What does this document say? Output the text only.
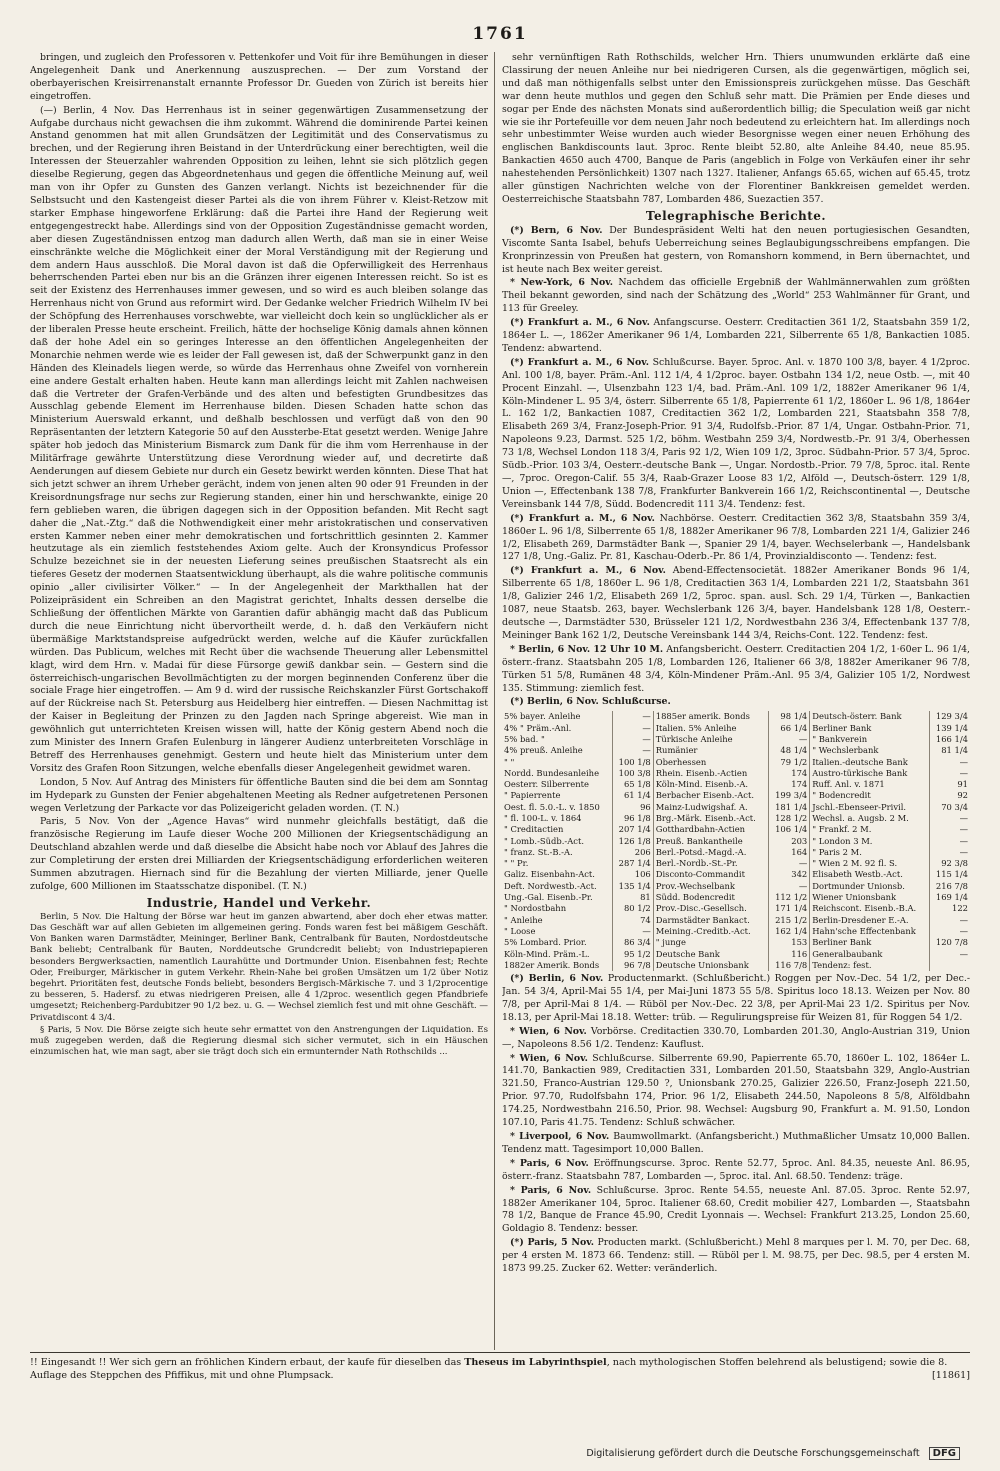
1761

bringen, und zugleich den Professoren v. Pettenkofer und Voit für ihre Bemühungen in dieser Angelegenheit Dank und Anerkennung auszusprechen. — Der zum Vorstand der oberbayerischen Kreisirrenanstalt ernannte Professor Dr. Gueden von Zürich ist bereits hier eingetroffen.

(—) Berlin, 4 Nov. Das Herrenhaus ist in seiner gegenwärtigen Zusammensetzung der Aufgabe durchaus nicht gewachsen die ihm zukommt. Während die dominirende Partei keinen Anstand genommen hat mit allen Grundsätzen der Legitimität und des Conservatismus zu brechen, und der Regierung ihren Beistand in der Unterdrückung einer berechtigten, weil die Interessen der Steuerzahler wahrenden Opposition zu leihen, lehnt sie sich plötzlich gegen dieselbe Regierung, gegen das Abgeordnetenhaus und gegen die öffentliche Meinung auf, weil man von ihr Opfer zu Gunsten des Ganzen verlangt. Nichts ist bezeichnender für die Selbstsucht und den Kastengeist dieser Partei als die von ihrem Führer v. Kleist-Retzow mit starker Emphase hingeworfene Erklärung: daß die Partei ihre Hand der Regierung weit entgegengestreckt habe. Allerdings sind von der Opposition Zugeständnisse gemacht worden, aber diesen Zugeständnissen entzog man dadurch allen Werth, daß man sie in einer Weise einschränkte welche die Möglichkeit einer der Moral Verständigung mit der Regierung und dem andern Haus ausschloß. Die Moral davon ist daß die Opferwilligkeit des Herrenhaus beherrschenden Partei eben nur bis an die Gränzen ihrer eigenen Interessen reicht. So ist es seit der Existenz des Herrenhauses immer gewesen, und so wird es auch bleiben solange das Herrenhaus nicht von Grund aus reformirt wird. Der Gedanke welcher Friedrich Wilhelm IV bei der Schöpfung des Herrenhauses vorschwebte, war vielleicht doch kein so unglücklicher als er der liberalen Presse heute erscheint. Freilich, hätte der hochselige König damals ahnen können daß der hohe Adel ein so geringes Interesse an den öffentlichen Angelegenheiten der Monarchie nehmen werde wie es leider der Fall gewesen ist, daß der Schwerpunkt ganz in den Händen des Kleinadels liegen werde, so würde das Herrenhaus ohne Zweifel von vornherein eine andere Gestalt erhalten haben. Heute kann man allerdings leicht mit Zahlen nachweisen daß die Vertreter der Grafen-Verbände und des alten und befestigten Grundbesitzes das Ausschlag gebende Element im Herrenhause bilden. Diesen Schaden hatte schon das Ministerium Auerswald erkannt, und deßhalb beschlossen und verfügt daß von den 90 Repräsentanten der letztern Kategorie 50 auf den Aussterbe-Etat gesetzt werden. Wenige Jahre später hob jedoch das Ministerium Bismarck zum Dank für die ihm vom Herrenhause in der Militärfrage gewährte Unterstützung diese Verordnung wieder auf, und decretirte daß Aenderungen auf diesem Gebiete nur durch ein Gesetz bewirkt werden könnten. Diese That hat sich jetzt schwer an ihrem Urheber gerächt, indem von jenen alten 90 oder 91 Freunden in der Kreisordnungsfrage nur sechs zur Regierung standen, einer hin und herschwankte, einige 20 fern geblieben waren, die übrigen dagegen sich in der Opposition befanden. Mit Recht sagt daher die „Nat.-Ztg.“ daß die Nothwendigkeit einer mehr aristokratischen und conservativen ersten Kammer neben einer mehr demokratischen und fortschrittlich gesinnten 2. Kammer heutzutage als ein ziemlich feststehendes Axiom gelte. Auch der Kronsyndicus Professor Schulze bezeichnet sie in der neuesten Lieferung seines preußischen Staatsrecht als ein tieferes Gesetz der modernen Staatsentwicklung überhaupt, als die wahre politische communis opinio „aller civilisirter Völker.“ — In der Angelegenheit der Markthallen hat der Polizeipräsident ein Schreiben an den Magistrat gerichtet, Inhalts dessen derselbe die Schließung der öffentlichen Märkte von Garantien dafür abhängig macht daß das Publicum durch die neue Einrichtung nicht übervortheilt werde, d. h. daß den Verkäufern nicht übermäßige Marktstandspreise aufgedrückt werden, welche auf die Käufer zurückfallen würden. Das Publicum, welches mit Recht über die wachsende Theuerung aller Lebensmittel klagt, wird dem Hrn. v. Madai für diese Fürsorge gewiß dankbar sein. — Gestern sind die österreichisch-ungarischen Bevollmächtigten zu der morgen beginnenden Conferenz über die sociale Frage hier eingetroffen. — Am 9 d. wird der russische Reichskanzler Fürst Gortschakoff auf der Rückreise nach St. Petersburg aus Heidelberg hier eintreffen. — Diesen Nachmittag ist der Kaiser in Begleitung der Prinzen zu den Jagden nach Springe abgereist. Wie man in gewöhnlich gut unterrichteten Kreisen wissen will, hatte der König gestern Abend noch die zum Minister des Innern Grafen Eulenburg in längerer Audienz unterbreiteten Vorschläge in Betreff des Herrenhauses genehmigt. Gestern und heute hielt das Ministerium unter dem Vorsitz des Grafen Roon Sitzungen, welche ebenfalls dieser Angelegenheit gewidmet waren.

London, 5 Nov. Auf Antrag des Ministers für öffentliche Bauten sind die bei dem am Sonntag im Hydepark zu Gunsten der Fenier abgehaltenen Meeting als Redner aufgetretenen Personen wegen Verletzung der Parkacte vor das Polizeigericht geladen worden. (T. N.)

Paris, 5 Nov. Von der „Agence Havas“ wird nunmehr gleichfalls bestätigt, daß die französische Regierung im Laufe dieser Woche 200 Millionen der Kriegsentschädigung an Deutschland abzahlen werde und daß dieselbe die Absicht habe noch vor Ablauf des Jahres die zur Completirung der ersten drei Milliarden der Kriegsentschädigung erforderlichen weiteren Summen abzutragen. Hiernach sind für die Bezahlung der vierten Milliarde, jener Quelle zufolge, 600 Millionen im Staatsschatze disponibel. (T. N.)

Industrie, Handel und Verkehr.

Berlin, 5 Nov. Die Haltung der Börse war heut im ganzen abwartend, aber doch eher etwas matter. Das Geschäft war auf allen Gebieten im allgemeinen gering. Fonds waren fest bei mäßigem Geschäft. Von Banken waren Darmstädter, Meininger, Berliner Bank, Centralbank für Bauten, Nordostdeutsche Bank beliebt; Centralbank für Bauten, Norddeutsche Grundcredit beliebt; von Industriepapieren besonders Bergwerksactien, namentlich Laurahütte und Dortmunder Union. Eisenbahnen fest; Rechte Oder, Freiburger, Märkischer in gutem Verkehr. Rhein-Nahe bei großen Umsätzen um 1/2 über Notiz begehrt. Prioritäten fest, deutsche Fonds beliebt, besonders Bergisch-Märkische 7. und 3 1/2procentige zu besseren, 5. Hadersf. zu etwas niedrigeren Preisen, alle 4 1/2proc. wesentlich gegen Pfandbriefe umgesetzt; Reichenberg-Pardubitzer 90 1/2 bez. u. G. — Wechsel ziemlich fest und mit ohne Geschäft. — Privatdiscont 4 3/4.

§ Paris, 5 Nov. Die Börse zeigte sich heute sehr ermattet von den Anstrengungen der Liquidation. Es muß zugegeben werden, daß die Regierung diesmal sich sicher vermutet, sich in ein Häuschen einzumischen hat, wie man sagt, aber sie trägt doch sich ein ermunternder Nath Rothschilds ...

sehr vernünftigen Rath Rothschilds, welcher Hrn. Thiers unumwunden erklärte daß eine Classirung der neuen Anleihe nur bei niedrigeren Cursen, als die gegenwärtigen, möglich sei, und daß man nöthigenfalls selbst unter den Emissionspreis zurückgehen müsse. Das Geschäft war denn heute muthlos und gegen den Schluß sehr matt. Die Prämien per Ende dieses und sogar per Ende des nächsten Monats sind außerordentlich billig; die Speculation weiß gar nicht wie sie ihr Portefeuille vor dem neuen Jahr noch bedeutend zu erleichtern hat. Im allerdings noch sehr unbestimmter Weise wurden auch wieder Besorgnisse wegen einer neuen Erhöhung des englischen Bankdiscounts laut. 3proc. Rente bleibt 52.80, alte Anleihe 84.40, neue 85.95. Bankactien 4650 auch 4700, Banque de Paris (angeblich in Folge von Verkäufen einer ihr sehr nahestehenden Persönlichkeit) 1307 nach 1327. Italiener, Anfangs 65.65, wichen auf 65.45, trotz aller günstigen Nachrichten welche von der Florentiner Bankkreisen gemeldet werden. Oesterreichische Staatsbahn 787, Lombarden 486, Suezactien 357.

Telegraphische Berichte.

(*) Bern, 6 Nov. Der Bundespräsident Welti hat den neuen portugiesischen Gesandten, Viscomte Santa Isabel, behufs Ueberreichung seines Beglaubigungsschreibens empfangen. Die Kronprinzessin von Preußen hat gestern, von Romanshorn kommend, in Bern übernachtet, und ist heute nach Bex weiter gereist.

* New-York, 6 Nov. Nachdem das officielle Ergebniß der Wahlmännerwahlen zum größten Theil bekannt geworden, sind nach der Schätzung des „World“ 253 Wahlmänner für Grant, und 113 für Greeley.

(*) Frankfurt a. M., 6 Nov. Anfangscurse. Oesterr. Creditactien 361 1/2, Staatsbahn 359 1/2, 1864er L. —, 1862er Amerikaner 96 1/4, Lombarden 221, Silberrente 65 1/8, Bankactien 1085. Tendenz: abwartend.

(*) Frankfurt a. M., 6 Nov. Schlußcurse. Bayer. 5proc. Anl. v. 1870 100 3/8, bayer. 4 1/2proc. Anl. 100 1/8, bayer. Präm.-Anl. 112 1/4, 4 1/2proc. bayer. Ostbahn 134 1/2, neue Ostb. —, mit 40 Procent Einzahl. —, Ulsenzbahn 123 1/4, bad. Präm.-Anl. 109 1/2, 1882er Amerikaner 96 1/4, Köln-Mindener L. 95 3/4, österr. Silberrente 65 1/8, Papierrente 61 1/2, 1860er L. 96 1/8, 1864er L. 162 1/2, Bankactien 1087, Creditactien 362 1/2, Lombarden 221, Staatsbahn 358 7/8, Elisabeth 269 3/4, Franz-Joseph-Prior. 91 3/4, Rudolfsb.-Prior. 87 1/4, Ungar. Ostbahn-Prior. 71, Napoleons 9.23, Darmst. 525 1/2, böhm. Westbahn 259 3/4, Nordwestb.-Pr. 91 3/4, Oberhessen 73 1/8, Wechsel London 118 3/4, Paris 92 1/2, Wien 109 1/2, 3proc. Südbahn-Prior. 57 3/4, 5proc. Südb.-Prior. 103 3/4, Oesterr.-deutsche Bank —, Ungar. Nordostb.-Prior. 79 7/8, 5proc. ital. Rente —, 7proc. Oregon-Calif. 55 3/4, Raab-Grazer Loose 83 1/2, Alföld —, Deutsch-österr. 129 1/8, Union —, Effectenbank 138 7/8, Frankfurter Bankverein 166 1/2, Reichscontinental —, Deutsche Vereinsbank 144 7/8, Südd. Bodencredit 111 3/4. Tendenz: fest.

(*) Frankfurt a. M., 6 Nov. Nachbörse. Oesterr. Creditactien 362 3/8, Staatsbahn 359 3/4, 1860er L. 96 1/8, Silberrente 65 1/8, 1882er Amerikaner 96 7/8, Lombarden 221 1/4, Galizier 246 1/2, Elisabeth 269, Darmstädter Bank —, Spanier 29 1/4, bayer. Wechselerbank —, Handelsbank 127 1/8, Ung.-Galiz. Pr. 81, Kaschau-Oderb.-Pr. 86 1/4, Provinzialdisconto —. Tendenz: fest.

(*) Frankfurt a. M., 6 Nov. Abend-Effectensocietät. 1882er Amerikaner Bonds 96 1/4, Silberrente 65 1/8, 1860er L. 96 1/8, Creditactien 363 1/4, Lombarden 221 1/2, Staatsbahn 361 1/8, Galizier 246 1/2, Elisabeth 269 1/2, 5proc. span. ausl. Sch. 29 1/4, Türken —, Bankactien 1087, neue Staatsb. 263, bayer. Wechslerbank 126 3/4, bayer. Handelsbank 128 1/8, Oesterr.-deutsche —, Darmstädter 530, Brüsseler 121 1/2, Nordwestbahn 236 3/4, Effectenbank 137 7/8, Meininger Bank 162 1/2, Deutsche Vereinsbank 144 3/4, Reichs-Cont. 122. Tendenz: fest.

* Berlin, 6 Nov. 12 Uhr 10 M. Anfangsbericht. Oesterr. Creditactien 204 1/2, 1·60er L. 96 1/4, österr.-franz. Staatsbahn 205 1/8, Lombarden 126, Italiener 66 3/8, 1882er Amerikaner 96 7/8, Türken 51 5/8, Rumänen 48 3/4, Köln-Mindener Präm.-Anl. 95 3/4, Galizier 105 1/2, Nordwest 135. Stimmung: ziemlich fest.

(*) Berlin, 6 Nov. Schlußcurse.

5% bayer. Anleihe	—	1885er amerik. Bonds	98 1/4	Deutsch-österr. Bank	129 3/4
4% " Präm.-Anl.	—	Italien. 5% Anleihe	66 1/4	Berliner Bank	139 1/4
5% bad. "	—	Türkische Anleihe	—	" Bankverein	166 1/4
4% preuß. Anleihe	—	Rumänier	48 1/4	" Wechslerbank	81 1/4
" "	100 1/8	Oberhessen	79 1/2	Italien.-deutsche Bank	—
Nordd. Bundesanleihe	100 3/8	Rhein. Eisenb.-Actien	174	Austro-türkische Bank	—
Oesterr. Silberrente	65 1/8	Köln-Mind. Eisenb.-A.	174	Ruff. Anl. v. 1871	91
" Papierrente	61 1/4	Berbacher Eisenb.-Act.	199 3/4	" Bodencredit	92
Oest. fl. 5.0.-L. v. 1850	96	Mainz-Ludwigshaf. A.	181 1/4	Jschl.-Ebenseer-Privil.	70 3/4
" fl. 100-L. v. 1864	96 1/8	Brg.-Märk. Eisenb.-Act.	128 1/2	Wechsl. a. Augsb. 2 M.	—
" Creditactien	207 1/4	Gotthardbahn-Actien	106 1/4	" Frankf. 2 M.	—
" Lomb.-Südb.-Act.	126 1/8	Preuß. Bankantheile	203	" London 3 M.	—
" franz. St.-B.-A.	206	Berl.-Potsd.-Magd.-A.	164	" Paris 2 M.	—
" " Pr.	287 1/4	Berl.-Nordb.-St.-Pr.	—	" Wien 2 M. 92 fl. S.	92 3/8
Galiz. Eisenbahn-Act.	106	Disconto-Commandit	342	Elisabeth Westb.-Act.	115 1/4
Deft. Nordwestb.-Act.	135 1/4	Prov.-Wechselbank	—	Dortmunder Unionsb.	216 7/8
Ung.-Gal. Eisenb.-Pr.	81	Südd. Bodencredit	112 1/2	Wiener Unionsbank	169 1/4
" Nordostbahn	80 1/2	Prov.-Disc.-Gesellsch.	171 1/4	Reichscont. Eisenb.-B.A.	122
" Anleihe	74	Darmstädter Bankact.	215 1/2	Berlin-Dresdener E.-A.	—
" Loose	—	Meining.-Creditb.-Act.	162 1/4	Hahn'sche Effectenbank	—
5% Lombard. Prior.	86 3/4	" junge	153	Berliner Bank	120 7/8
Köln-Mind. Präm.-L.	95 1/2	Deutsche Bank	116	Generalbaubank	—
1882er Amerik. Bonds	96 7/8	Deutsche Unionsbank	116 7/8	Tendenz: fest.	

(*) Berlin, 6 Nov. Productenmarkt. (Schlußbericht.) Roggen per Nov.-Dec. 54 1/2, per Dec.-Jan. 54 3/4, April-Mai 55 1/4, per Mai-Juni 1873 55 5/8. Spiritus loco 18.13. Weizen per Nov. 80 7/8, per April-Mai 8 1/4. — Rüböl per Nov.-Dec. 22 3/8, per April-Mai 23 1/2. Spiritus per Nov. 18.13, per April-Mai 18.18. Wetter: trüb. — Regulirungspreise für Weizen 81, für Roggen 54 1/2.

* Wien, 6 Nov. Vorbörse. Creditactien 330.70, Lombarden 201.30, Anglo-Austrian 319, Union —, Napoleons 8.56 1/2. Tendenz: Kauflust.

* Wien, 6 Nov. Schlußcurse. Silberrente 69.90, Papierrente 65.70, 1860er L. 102, 1864er L. 141.70, Bankactien 989, Creditactien 331, Lombarden 201.50, Staatsbahn 329, Anglo-Austrian 321.50, Franco-Austrian 129.50 ?, Unionsbank 270.25, Galizier 226.50, Franz-Joseph 221.50, Prior. 97.70, Rudolfsbahn 174, Prior. 96 1/2, Elisabeth 244.50, Napoleons 8 5/8, Alföldbahn 174.25, Nordwestbahn 216.50, Prior. 98. Wechsel: Augsburg 90, Frankfurt a. M. 91.50, London 107.10, Paris 41.75. Tendenz: Schluß schwächer.

* Liverpool, 6 Nov. Baumwollmarkt. (Anfangsbericht.) Muthmaßlicher Umsatz 10,000 Ballen. Tendenz matt. Tagesimport 10,000 Ballen.

* Paris, 6 Nov. Eröffnungscurse. 3proc. Rente 52.77, 5proc. Anl. 84.35, neueste Anl. 86.95, österr.-franz. Staatsbahn 787, Lombarden —, 5proc. ital. Anl. 68.50. Tendenz: träge.

* Paris, 6 Nov. Schlußcurse. 3proc. Rente 54.55, neueste Anl. 87.05. 3proc. Rente 52.97, 1882er Amerikaner 104, 5proc. Italiener 68.60, Credit mobilier 427, Lombarden —, Staatsbahn 78 1/2, Banque de France 45.90, Credit Lyonnais —. Wechsel: Frankfurt 213.25, London 25.60, Goldagio 8. Tendenz: besser.

(*) Paris, 5 Nov. Producten markt. (Schlußbericht.) Mehl 8 marques per l. M. 70, per Dec. 68, per 4 ersten M. 1873 66. Tendenz: still. — Rüböl per l. M. 98.75, per Dec. 98.5, per 4 ersten M. 1873 99.25. Zucker 62. Wetter: veränderlich.

!! Eingesandt !! Wer sich gern an fröhlichen Kindern erbaut, der kaufe für dieselben das Theseus im Labyrinthspiel, nach mythologischen Stoffen belehrend als belustigend; sowie die 8. Auflage des Steppchen des Pfiffikus, mit und ohne Plumpsack.	[11861]
Digitalisierung gefördert durch die Deutsche Forschungsgemeinschaft DFG
